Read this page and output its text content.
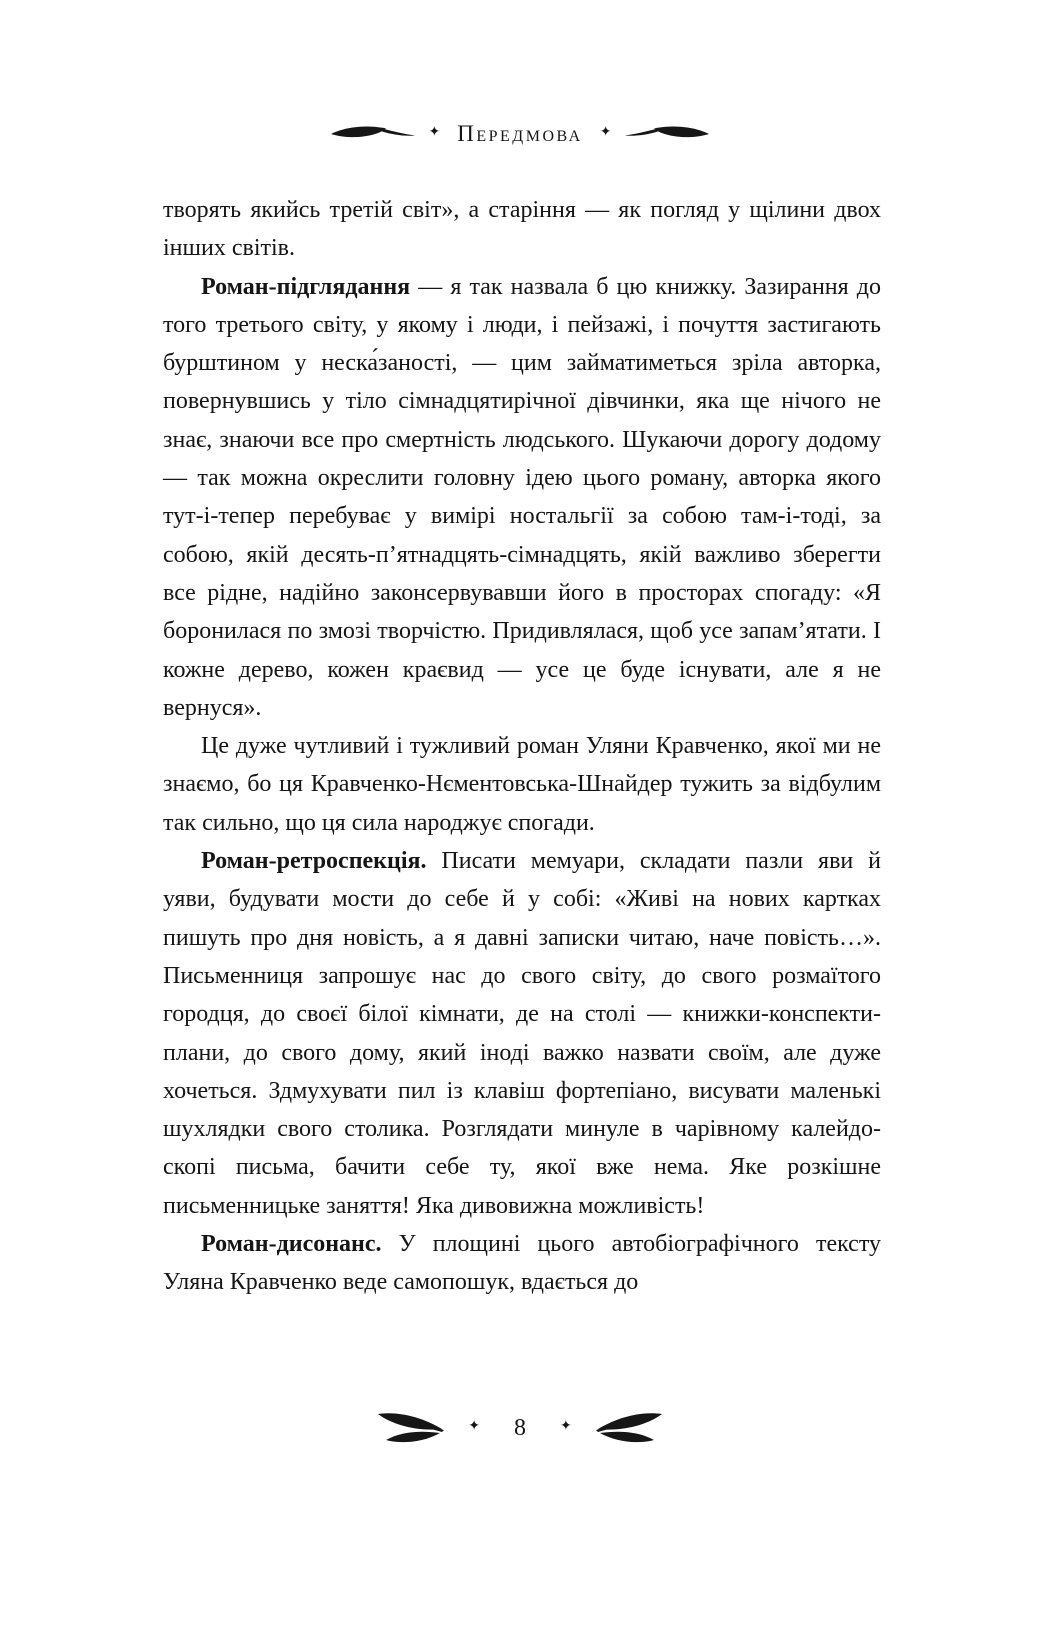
✦ Передмова ✦

творять якийсь третій світ», а старіння — як погляд у щілини двох інших світів.

Роман-підглядання — я так назвала б цю книжку. Зазирання до того третього світу, у якому і люди, і пейзажі, і почуття застигають бурштином у неска́заності, — цим займатиметься зріла авторка, повернувшись у тіло сімнадцятирічної дівчинки, яка ще нічого не знає, знаючи все про смертність людського. Шукаючи дорогу додому — так можна окреслити головну ідею цього роману, авторка якого тут-і-тепер перебуває у вимірі ностальгії за собою там-і-тоді, за собою, якій десять-п’ятнадцять-сімнадцять, якій важливо зберегти все рідне, надійно законсервувавши його в просторах спогаду: «Я боронилася по змозі творчістю. Придивлялася, щоб усе запам’ятати. І кожне дерево, кожен краєвид — усе це буде існувати, але я не вернуся».

Це дуже чутливий і тужливий роман Уляни Кравченко, якої ми не знаємо, бо ця Кравченко-Нєментовська-Шнайдер тужить за відбулим так сильно, що ця сила народжує спогади.

Роман-ретроспекція. Писати мемуари, складати пазли яви й уяви, будувати мости до себе й у собі: «Живі на нових картках пишуть про дня новість, а я давні записки читаю, наче повість…». Письменниця запрошує нас до свого світу, до свого розмаїтого городця, до своєї білої кімнати, де на столі — книжки-конспекти-плани, до свого дому, який іноді важко назвати своїм, але дуже хочеться. Здмухувати пил із клавіш фортепіано, висувати маленькі шухлядки свого столика. Розглядати минуле в чарівному калейдоскопі письма, бачити себе ту, якої вже нема. Яке розкішне письменницьке заняття! Яка дивовижна можливість!

Роман-дисонанс. У площині цього автобіографічного тексту Уляна Кравченко веде самопошук, вдається до

✦	8	✦
